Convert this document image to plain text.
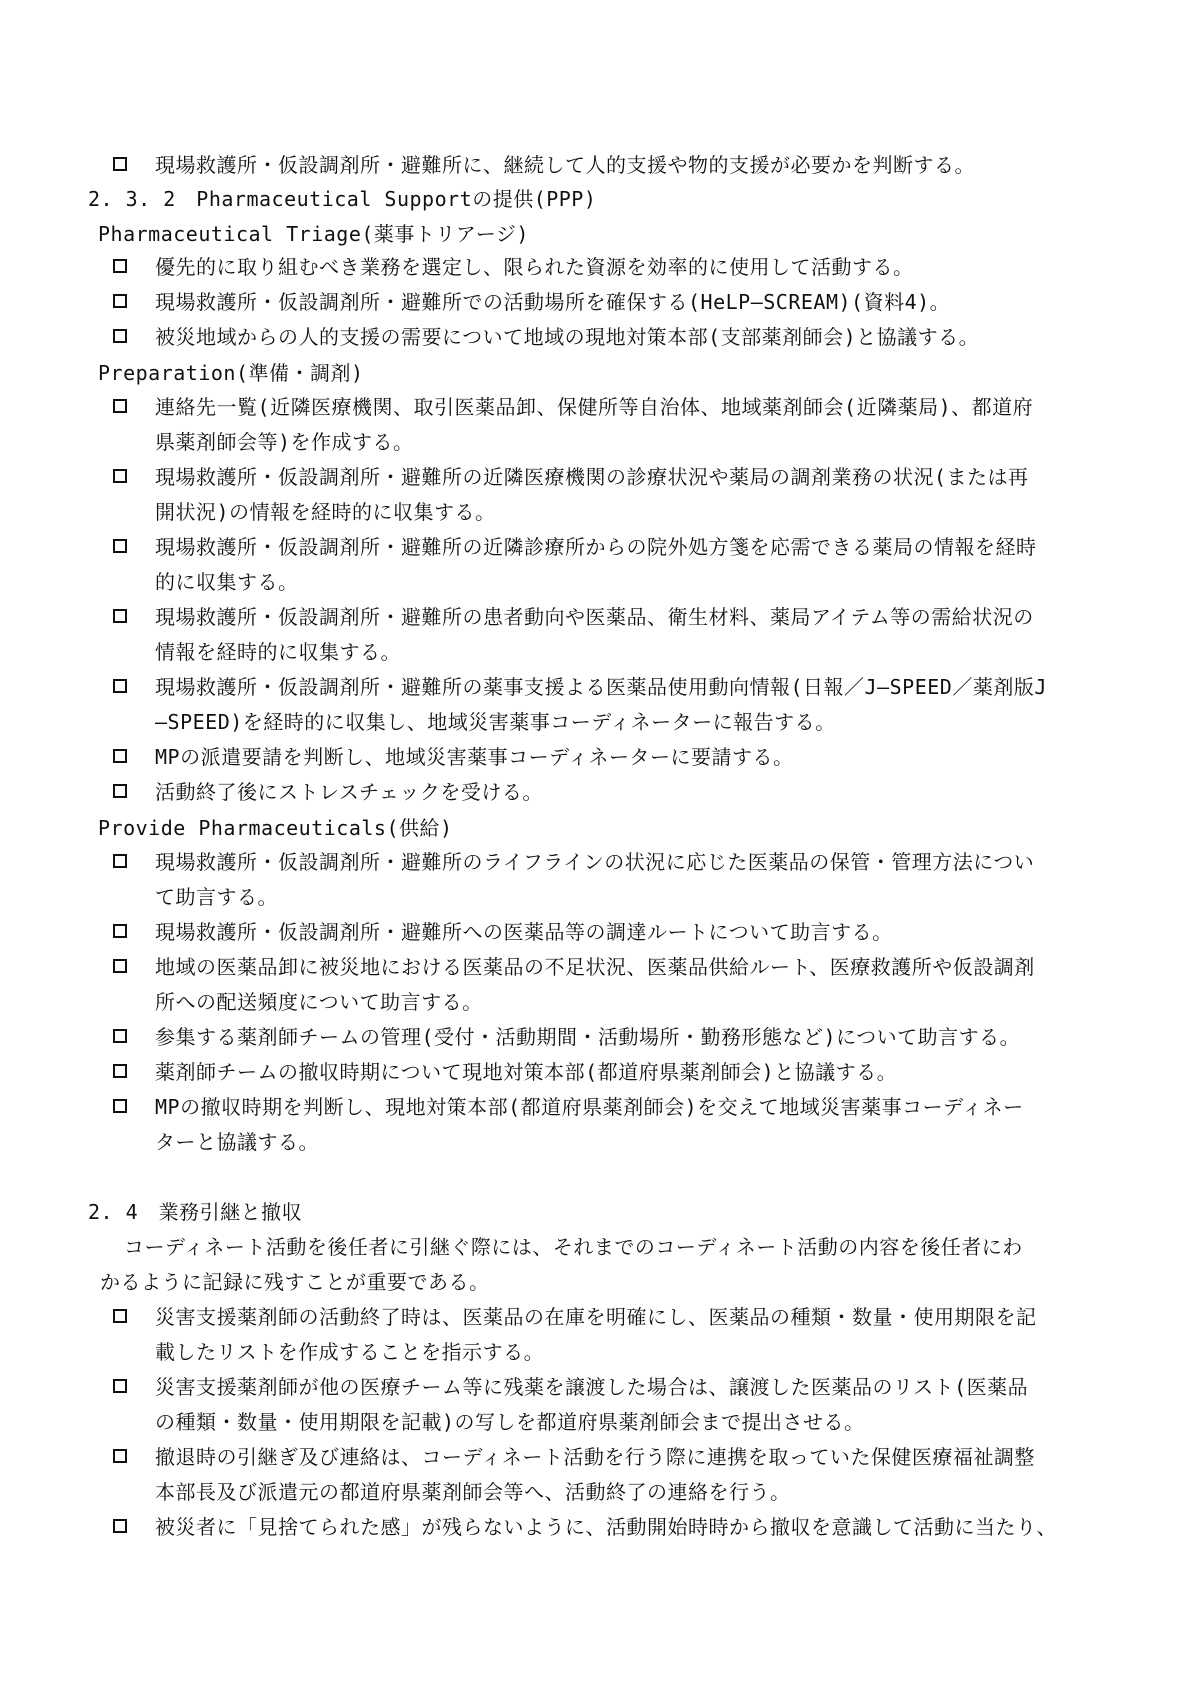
現場救護所・仮設調剤所・避難所に、継続して人的支援や物的支援が必要かを判断する。
2. 3. 2　Pharmaceutical Supportの提供(PPP)
Pharmaceutical Triage(薬事トリアージ)
優先的に取り組むべき業務を選定し、限られた資源を効率的に使用して活動する。
現場救護所・仮設調剤所・避難所での活動場所を確保する(HeLP—SCREAM)(資料4)。
被災地域からの人的支援の需要について地域の現地対策本部(支部薬剤師会)と協議する。
Preparation(準備・調剤)
連絡先一覧(近隣医療機関、取引医薬品卸、保健所等自治体、地域薬剤師会(近隣薬局)、都道府
県薬剤師会等)を作成する。
現場救護所・仮設調剤所・避難所の近隣医療機関の診療状況や薬局の調剤業務の状況(または再
開状況)の情報を経時的に収集する。
現場救護所・仮設調剤所・避難所の近隣診療所からの院外処方箋を応需できる薬局の情報を経時
的に収集する。
現場救護所・仮設調剤所・避難所の患者動向や医薬品、衛生材料、薬局アイテム等の需給状況の
情報を経時的に収集する。
現場救護所・仮設調剤所・避難所の薬事支援よる医薬品使用動向情報(日報／J—SPEED／薬剤版J
—SPEED)を経時的に収集し、地域災害薬事コーディネーターに報告する。
MPの派遣要請を判断し、地域災害薬事コーディネーターに要請する。
活動終了後にストレスチェックを受ける。
Provide Pharmaceuticals(供給)
現場救護所・仮設調剤所・避難所のライフラインの状況に応じた医薬品の保管・管理方法につい
て助言する。
現場救護所・仮設調剤所・避難所への医薬品等の調達ルートについて助言する。
地域の医薬品卸に被災地における医薬品の不足状況、医薬品供給ルート、医療救護所や仮設調剤
所への配送頻度について助言する。
参集する薬剤師チームの管理(受付・活動期間・活動場所・勤務形態など)について助言する。
薬剤師チームの撤収時期について現地対策本部(都道府県薬剤師会)と協議する。
MPの撤収時期を判断し、現地対策本部(都道府県薬剤師会)を交えて地域災害薬事コーディネー
ターと協議する。
2. 4　業務引継と撤収
コーディネート活動を後任者に引継ぐ際には、それまでのコーディネート活動の内容を後任者にわ
かるように記録に残すことが重要である。
災害支援薬剤師の活動終了時は、医薬品の在庫を明確にし、医薬品の種類・数量・使用期限を記
載したリストを作成することを指示する。
災害支援薬剤師が他の医療チーム等に残薬を譲渡した場合は、譲渡した医薬品のリスト(医薬品
の種類・数量・使用期限を記載)の写しを都道府県薬剤師会まで提出させる。
撤退時の引継ぎ及び連絡は、コーディネート活動を行う際に連携を取っていた保健医療福祉調整
本部長及び派遣元の都道府県薬剤師会等へ、活動終了の連絡を行う。
被災者に「見捨てられた感」が残らないように、活動開始時時から撤収を意識して活動に当たり、
